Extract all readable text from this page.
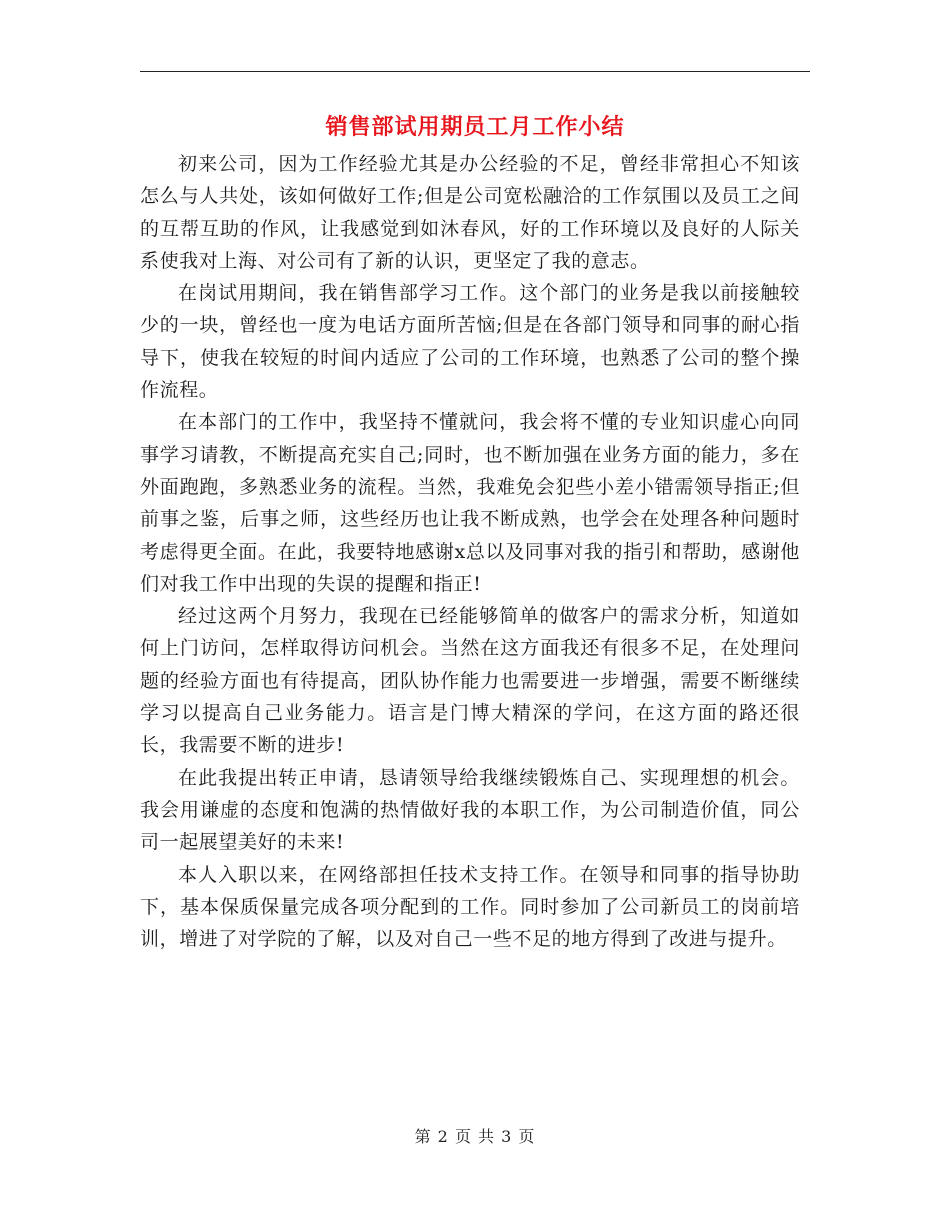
销售部试用期员工月工作小结

初来公司，因为工作经验尤其是办公经验的不足，曾经非常担心不知该怎么与人共处，该如何做好工作;但是公司宽松融洽的工作氛围以及员工之间的互帮互助的作风，让我感觉到如沐春风，好的工作环境以及良好的人际关系使我对上海、对公司有了新的认识，更坚定了我的意志。

在岗试用期间，我在销售部学习工作。这个部门的业务是我以前接触较少的一块，曾经也一度为电话方面所苦恼;但是在各部门领导和同事的耐心指导下，使我在较短的时间内适应了公司的工作环境，也熟悉了公司的整个操作流程。

在本部门的工作中，我坚持不懂就问，我会将不懂的专业知识虚心向同事学习请教，不断提高充实自己;同时，也不断加强在业务方面的能力，多在外面跑跑，多熟悉业务的流程。当然，我难免会犯些小差小错需领导指正;但前事之鉴，后事之师，这些经历也让我不断成熟，也学会在处理各种问题时考虑得更全面。在此，我要特地感谢x总以及同事对我的指引和帮助，感谢他们对我工作中出现的失误的提醒和指正!

经过这两个月努力，我现在已经能够简单的做客户的需求分析，知道如何上门访问，怎样取得访问机会。当然在这方面我还有很多不足，在处理问题的经验方面也有待提高，团队协作能力也需要进一步增强，需要不断继续学习以提高自己业务能力。语言是门博大精深的学问，在这方面的路还很长，我需要不断的进步!

在此我提出转正申请，恳请领导给我继续锻炼自己、实现理想的机会。我会用谦虚的态度和饱满的热情做好我的本职工作，为公司制造价值，同公司一起展望美好的未来!

本人入职以来，在网络部担任技术支持工作。在领导和同事的指导协助下，基本保质保量完成各项分配到的工作。同时参加了公司新员工的岗前培训，增进了对学院的了解，以及对自己一些不足的地方得到了改进与提升。

第 2 页 共 3 页
